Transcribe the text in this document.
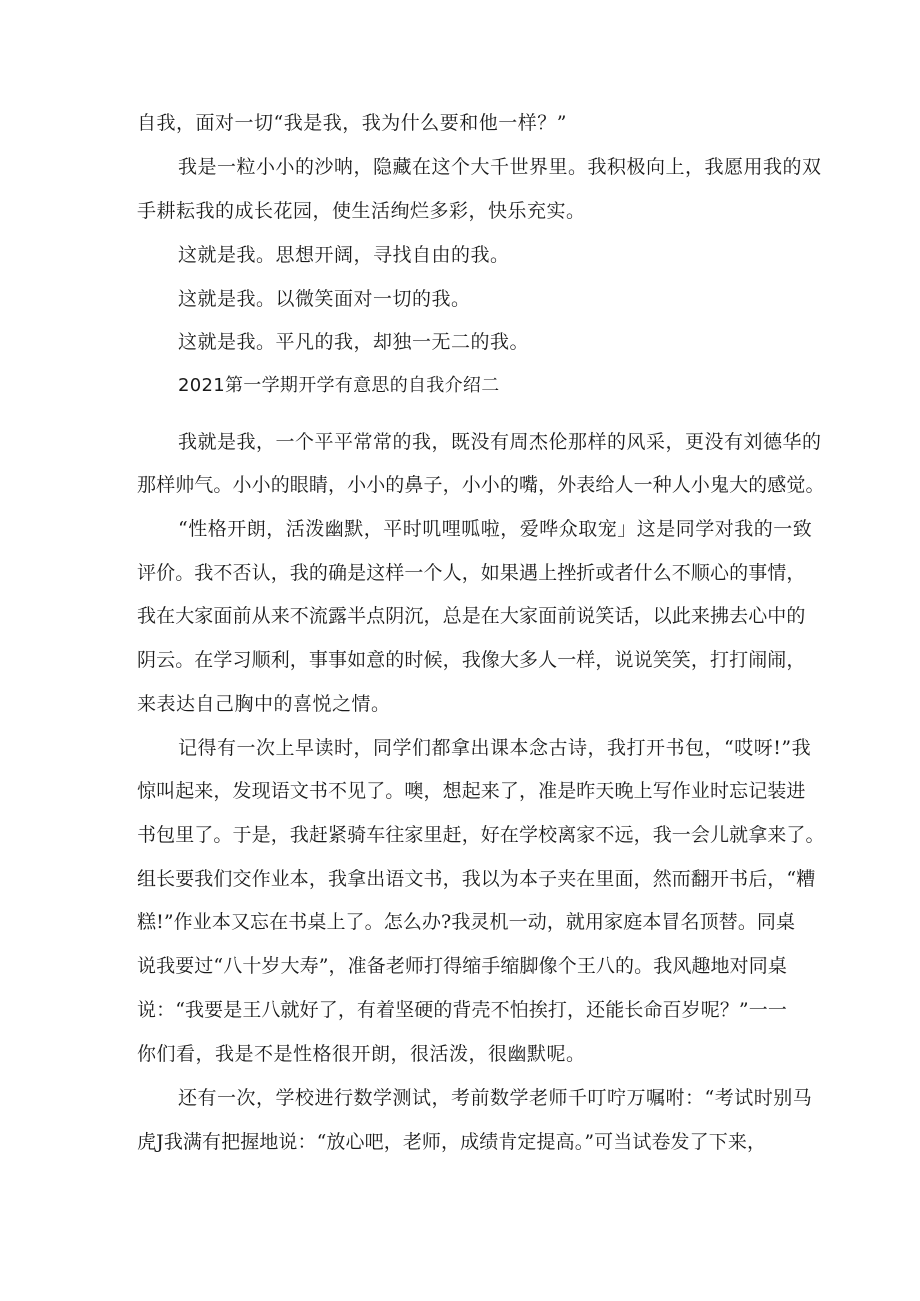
自我，面对一切“我是我，我为什么要和他一样？”
我是一粒小小的沙呐，隐藏在这个大千世界里。我积极向上，我愿用我的双
手耕耘我的成长花园，使生活绚烂多彩，快乐充实。
这就是我。思想开阔，寻找自由的我。
这就是我。以微笑面对一切的我。
这就是我。平凡的我，却独一无二的我。
2021第一学期开学有意思的自我介绍二
我就是我，一个平平常常的我，既没有周杰伦那样的风采，更没有刘德华的
那样帅气。小小的眼睛，小小的鼻子，小小的嘴，外表给人一种人小鬼大的感觉。
“性格开朗，活泼幽默，平时叽哩呱啦，爱哗众取宠」这是同学对我的一致
评价。我不否认，我的确是这样一个人，如果遇上挫折或者什么不顺心的事情，
我在大家面前从来不流露半点阴沉，总是在大家面前说笑话，以此来拂去心中的
阴云。在学习顺利，事事如意的时候，我像大多人一样，说说笑笑，打打闹闹，
来表达自己胸中的喜悦之情。
记得有一次上早读时，同学们都拿出课本念古诗，我打开书包，“哎呀!”我
惊叫起来，发现语文书不见了。噢，想起来了，准是昨天晚上写作业时忘记装进
书包里了。于是，我赶紧骑车往家里赶，好在学校离家不远，我一会儿就拿来了。
组长要我们交作业本，我拿出语文书，我以为本子夹在里面，然而翻开书后，“糟
糕!”作业本又忘在书桌上了。怎么办?我灵机一动，就用家庭本冒名顶替。同桌
说我要过“八十岁大寿”，准备老师打得缩手缩脚像个王八的。我风趣地对同桌
说：“我要是王八就好了，有着坚硬的背壳不怕挨打，还能长命百岁呢？”一一
你们看，我是不是性格很开朗，很活泼，很幽默呢。
还有一次，学校进行数学测试，考前数学老师千叮咛万嘱咐：“考试时别马
虎J我满有把握地说：“放心吧，老师，成绩肯定提高。”可当试卷发了下来，
